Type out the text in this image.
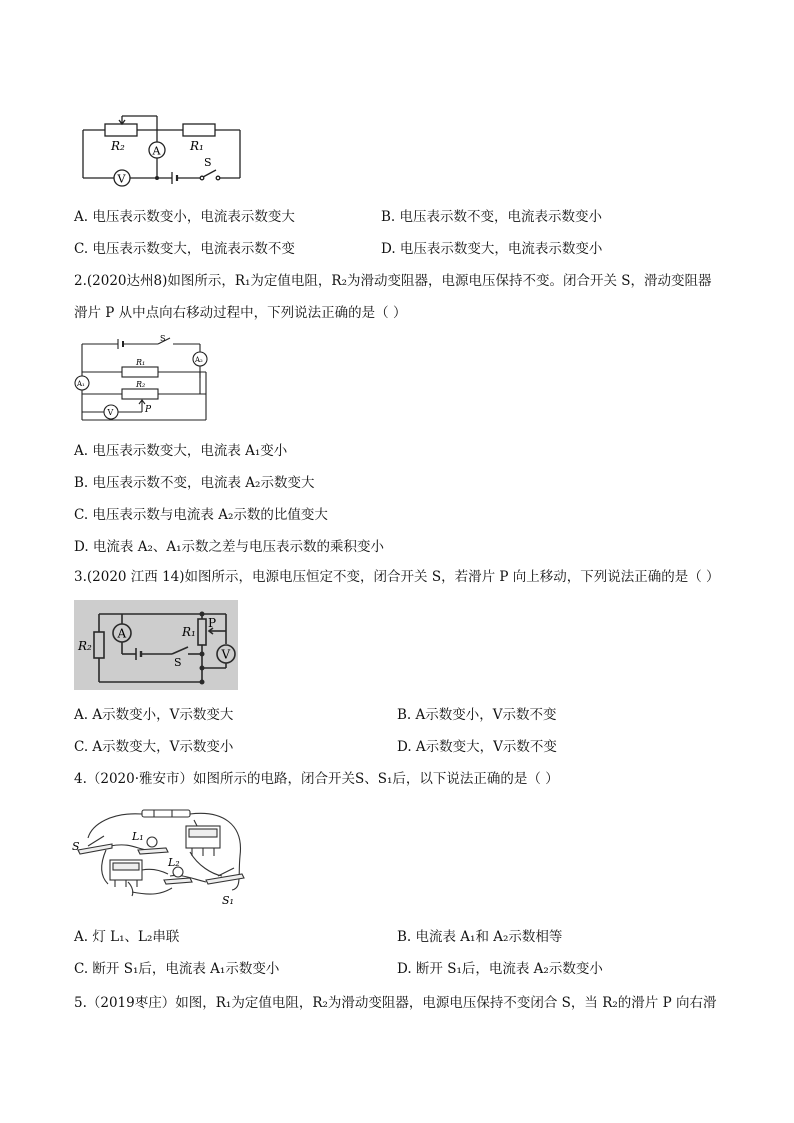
R₂	R₁
A
V
S
A. 电压表示数变小，电流表示数变大	B. 电压表示数不变，电流表示数变小
C. 电压表示数变大，电流表示数不变	D. 电压表示数变大，电流表示数变小
2.(2020达州8)如图所示，R₁为定值电阻，R₂为滑动变阻器，电源电压保持不变。闭合开关 S，滑动变阻器
滑片 P 从中点向右移动过程中，下列说法正确的是（ ）
S
A₂
A₁
R₁
R₂
V	P
A. 电压表示数变大，电流表 A₁变小
B. 电压表示数不变，电流表 A₂示数变大
C. 电压表示数与电流表 A₂示数的比值变大
D. 电流表 A₂、A₁示数之差与电压表示数的乘积变小
3.(2020 江西 14)如图所示，电源电压恒定不变，闭合开关 S，若滑片 P 向上移动，下列说法正确的是（ ）
R₂
A	R₁
P
V
S
A. A示数变小，V示数变大	B. A示数变小，V示数不变
C. A示数变大，V示数变小	D. A示数变大，V示数不变
4.（2020·雅安市）如图所示的电路，闭合开关S、S₁后，以下说法正确的是（ ）
S
L₁
L₂
S₁
A. 灯 L₁、L₂串联	B. 电流表 A₁和 A₂示数相等
C. 断开 S₁后，电流表 A₁示数变小	D. 断开 S₁后，电流表 A₂示数变小
5.（2019枣庄）如图，R₁为定值电阻，R₂为滑动变阻器，电源电压保持不变闭合 S，当 R₂的滑片 P 向右滑
